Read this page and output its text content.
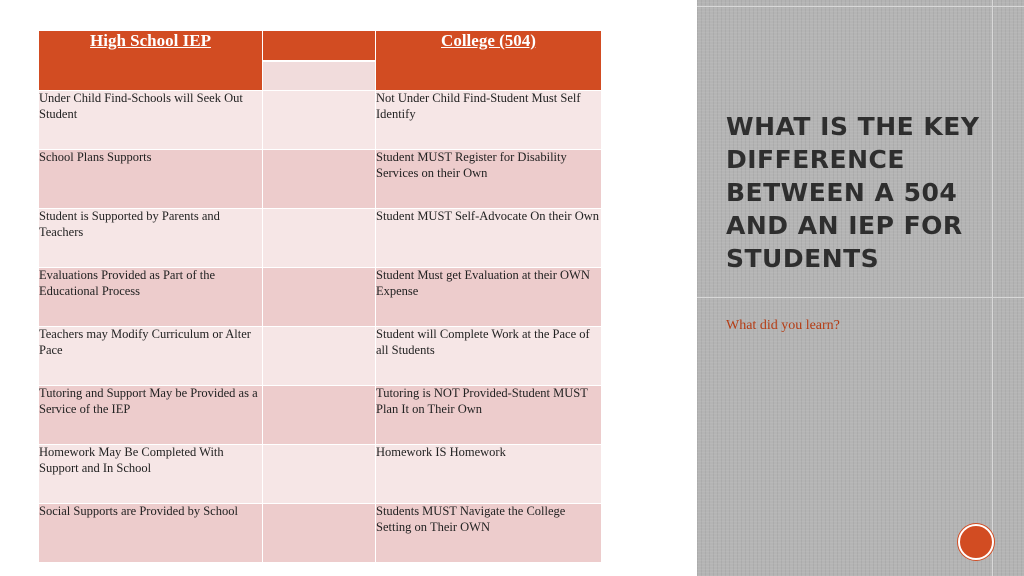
High School IEP		College (504)
Under Child Find-Schools will Seek Out Student		Not Under Child Find-Student Must Self Identify
School Plans Supports		Student MUST Register for Disability Services on their Own
Student is Supported by Parents and Teachers		Student MUST Self-Advocate On their Own
Evaluations Provided as Part of the Educational Process		Student Must get Evaluation at their OWN Expense
Teachers may Modify Curriculum or Alter Pace		Student will Complete Work at the Pace of all Students
Tutoring and Support May be Provided as a Service of the IEP		Tutoring is NOT Provided-Student MUST Plan It on Their Own
Homework May Be Completed With Support and In School		Homework IS Homework
Social Supports are Provided by School		Students MUST Navigate the College Setting on Their OWN
WHAT IS THE KEY DIFFERENCE BETWEEN A 504 AND AN IEP FOR STUDENTS
What did you learn?
